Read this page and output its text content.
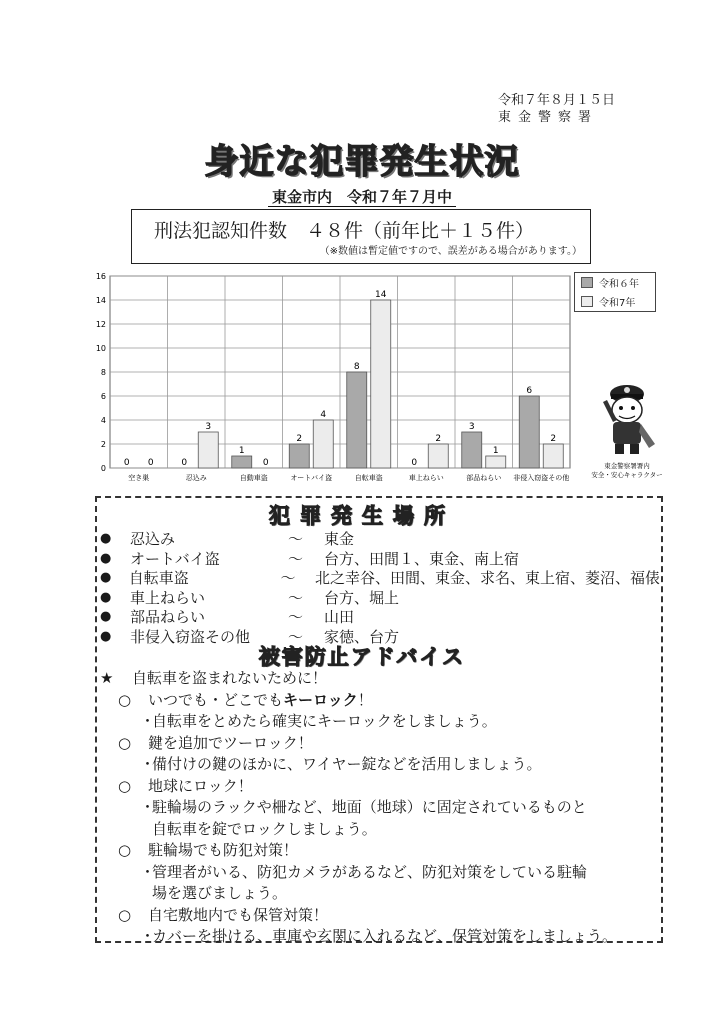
令和７年８月１５日
東金警察署
身近な犯罪発生状況
東金市内　令和７年７月中
刑法犯認知件数　４８件（前年比＋１５件）
（※数値は暫定値ですので、誤差がある場合があります。）
0
2
4
6
8
10
12
14
16
0 0
空き巣
0
3
忍込み
1
0
自動車盗
2
4
オートバイ盗
8
14
自転車盗
0
2
車上ねらい
3
1
部品ねらい
6
2
非侵入窃盗その他
令和６年
令和7年
東金警察署署内
安全・安心キャラクター
犯罪発生場所
●	忍込み	～	東金
●	オートバイ盗	～	台方、田間１、東金、南上宿
●	自転車盗	～	北之幸谷、田間、東金、求名、東上宿、菱沼、福俵
●	車上ねらい	～	台方、堀上
●	部品ねらい	～	山田
●	非侵入窃盗その他	～	家徳、台方
被害防止アドバイス
★	自転車を盗まれないために！
○	いつでも・どこでもキーロック！
・
自転車をとめたら確実にキーロックをしましょう。
○	鍵を追加でツーロック！
・
備付けの鍵のほかに、ワイヤー錠などを活用しましょう。
○	地球にロック！
・
駐輪場のラックや柵など、地面（地球）に固定されているものと
自転車を錠でロックしましょう。
○	駐輪場でも防犯対策！
・
管理者がいる、防犯カメラがあるなど、防犯対策をしている駐輪
場を選びましょう。
○	自宅敷地内でも保管対策！
・
カバーを掛ける、車庫や玄関に入れるなど、保管対策をしましょう。
